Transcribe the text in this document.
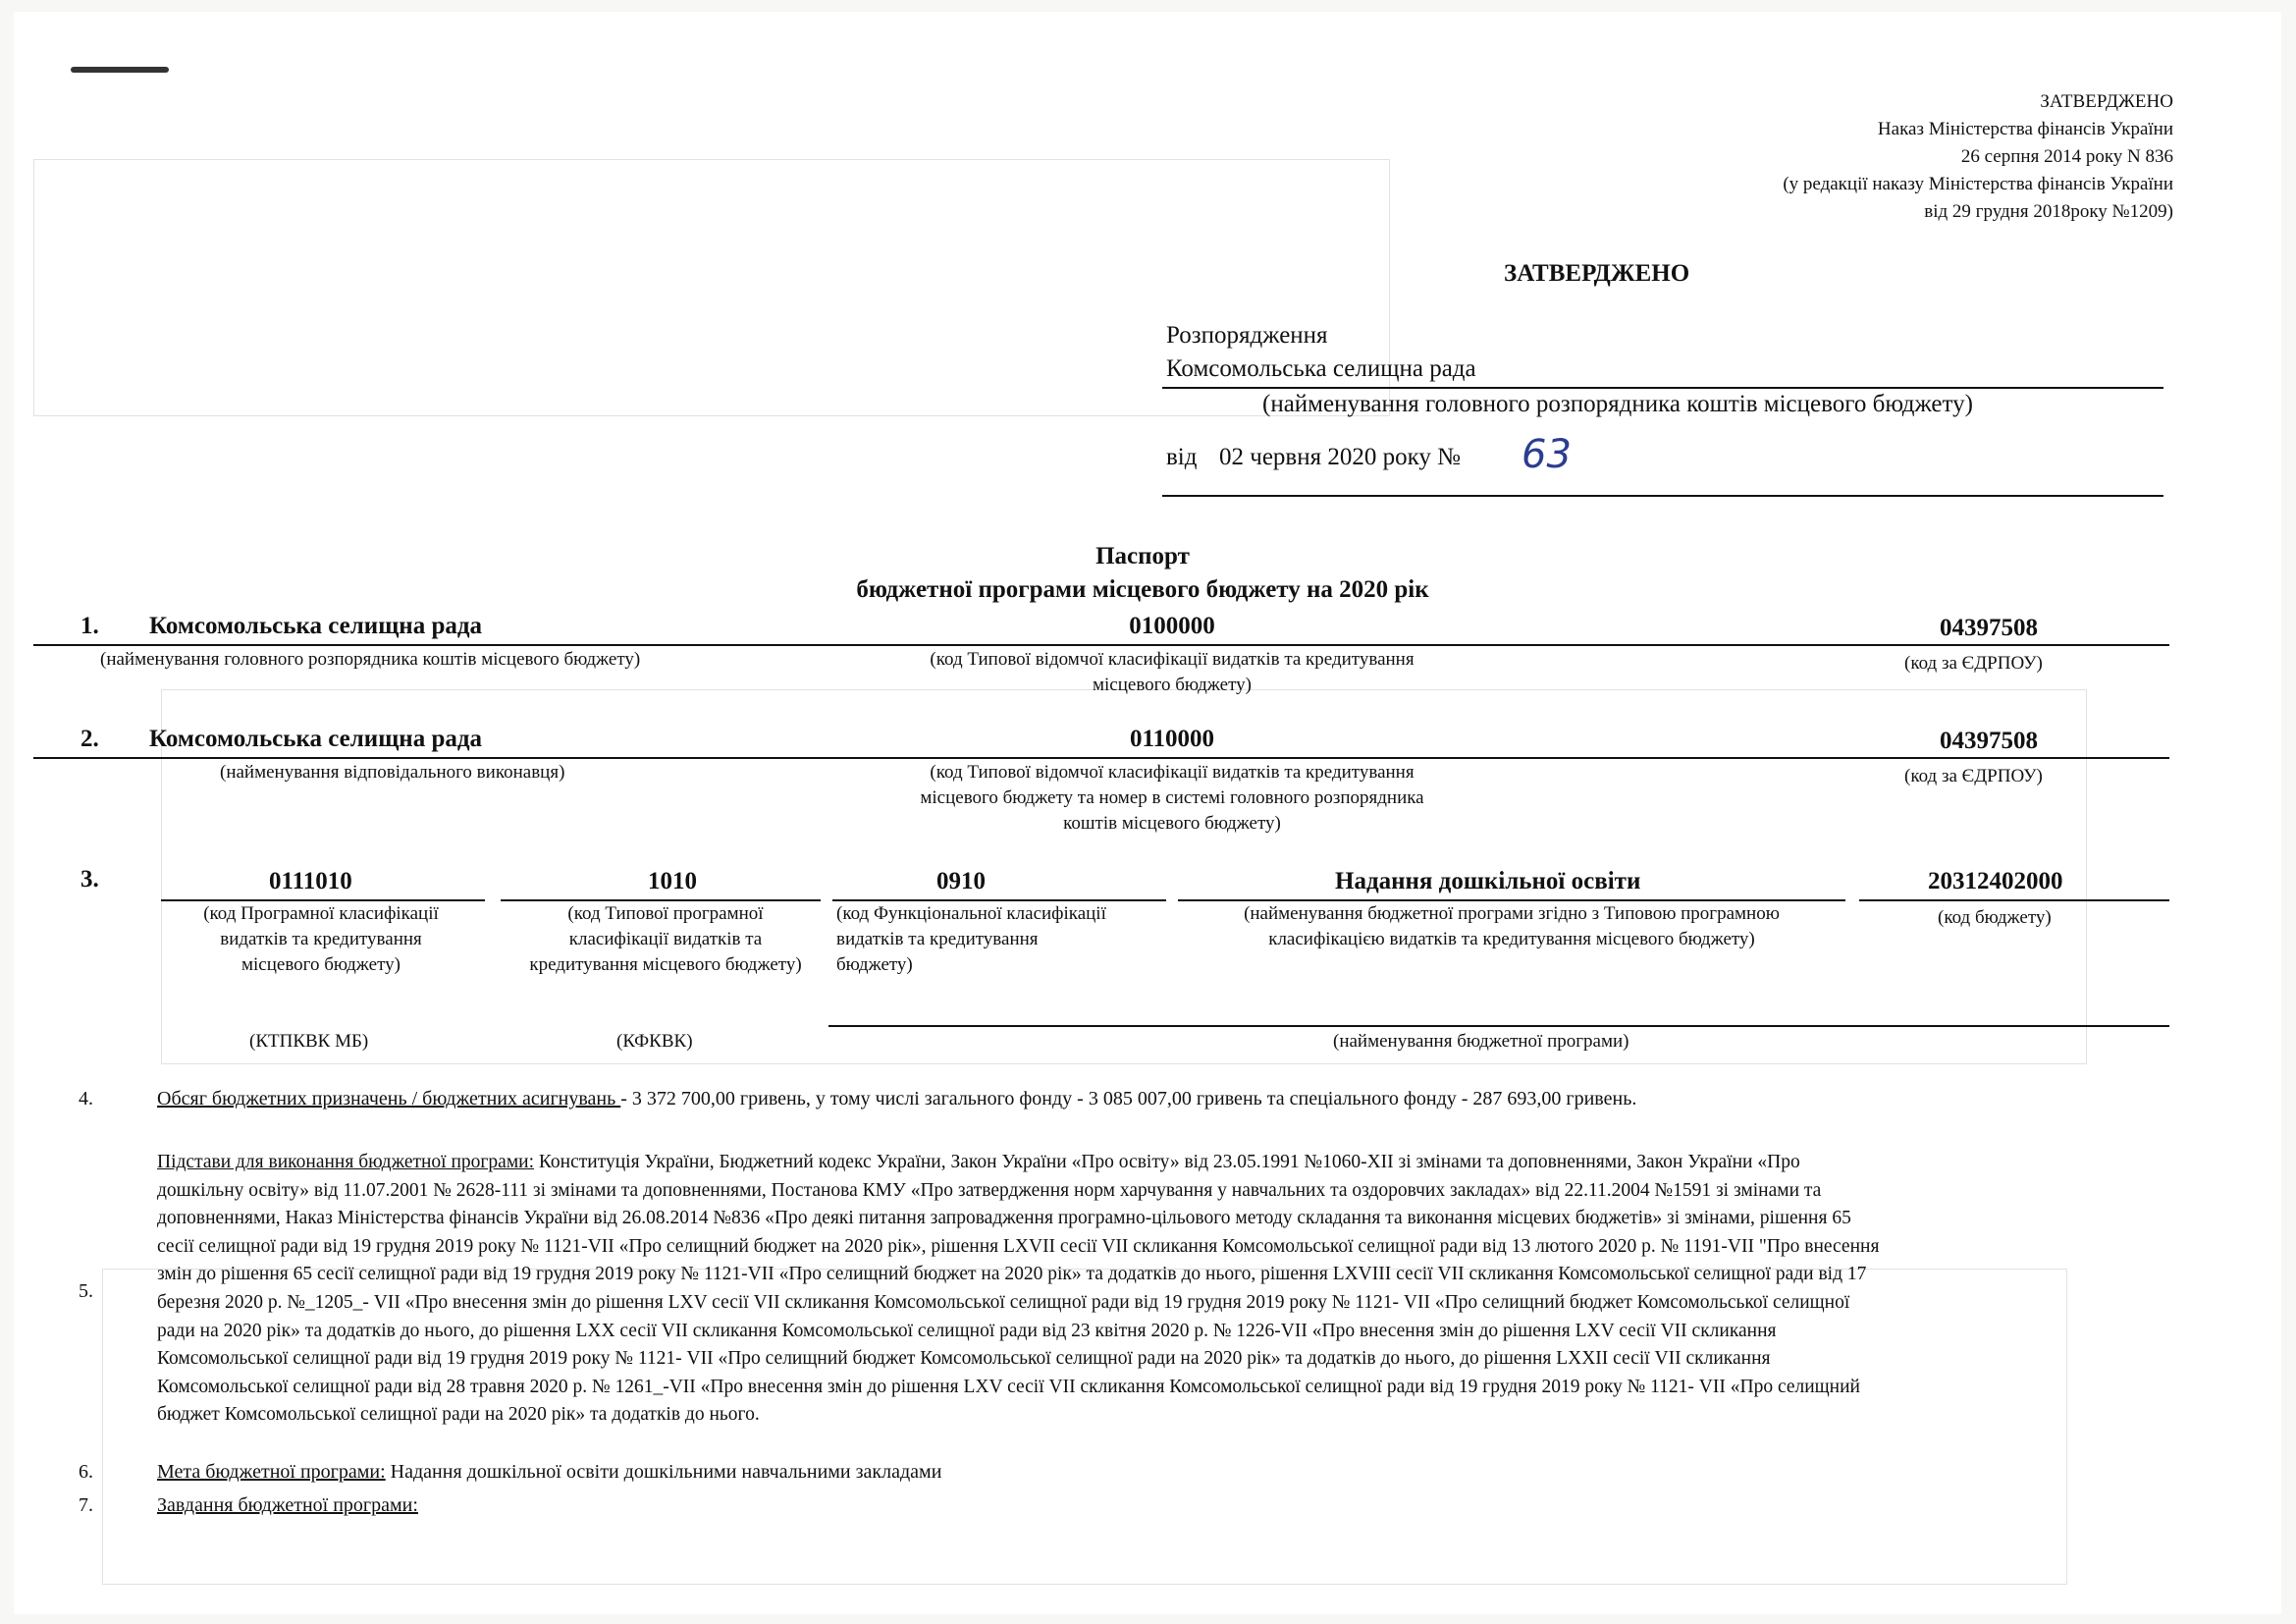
ЗАТВЕРДЖЕНО
Наказ Міністерства фінансів України
26 серпня 2014 року N 836
(у редакції наказу Міністерства фінансів України
від 29 грудня 2018року №1209)
ЗАТВЕРДЖЕНО
Розпорядження
Комсомольська селищна рада
(найменування головного розпорядника коштів місцевого бюджету)
від 02 червня 2020 року № 63
Паспорт
бюджетної програми місцевого бюджету на 2020 рік
1. Комсомольська селищна рада	0100000	04397508
(найменування головного розпорядника коштів місцевого бюджету)	(код Типової відомчої класифікації видатків та кредитування
місцевого бюджету)
(код за ЄДРПОУ)
2. Комсомольська селищна рада	0110000	04397508
(найменування відповідального виконавця)	(код Типової відомчої класифікації видатків та кредитування
місцевого бюджету та номер в системі головного розпорядника
коштів місцевого бюджету)
(код за ЄДРПОУ)
3.	0111010	1010	0910	Надання дошкільної освіти	20312402000
(код Програмної класифікації
видатків та кредитування
місцевого бюджету)
(код Типової програмної
класифікації видатків та
кредитування місцевого бюджету)
(код Функціональної класифікації
видатків та кредитування
бюджету)
(найменування бюджетної програми згідно з Типовою програмною
класифікацією видатків та кредитування місцевого бюджету)
(код бюджету)
(КТПКВК МБ)	(КФКВК)	(найменування бюджетної програми)
4.	Обсяг бюджетних призначень / бюджетних асигнувань - 3 372 700,00 гривень, у тому числі загального фонду - 3 085 007,00 гривень та спеціального фонду - 287 693,00 гривень.
5.
Підстави для виконання бюджетної програми: Конституція України, Бюджетний кодекс України, Закон України «Про освіту» від 23.05.1991 №1060-ХІІ зі змінами та доповненнями, Закон України «Про
дошкільну освіту» від 11.07.2001 № 2628-111 зі змінами та доповненнями, Постанова КМУ «Про затвердження норм харчування у навчальних та оздоровчих закладах» від 22.11.2004 №1591 зі змінами та
доповненнями, Наказ Міністерства фінансів України від 26.08.2014 №836 «Про деякі питання запровадження програмно-цільового методу складання та виконання місцевих бюджетів» зі змінами, рішення 65
сесії селищної ради від 19 грудня 2019 року № 1121-VІІ «Про селищний бюджет на 2020 рік», рішення LXVII сесії VII скликання Комсомольської селищної ради від 13 лютого 2020 р. № 1191-VII "Про внесення
змін до рішення 65 сесії селищної ради від 19 грудня 2019 року № 1121-VІІ «Про селищний бюджет на 2020 рік» та додатків до нього, рішення LXVIII сесії VII скликання Комсомольської селищної ради від 17
березня 2020 р. №_1205_- VII «Про внесення змін до рішення LXV сесії VII скликання Комсомольської селищної ради від 19 грудня 2019 року № 1121- VII «Про селищний бюджет Комсомольської селищної
ради на 2020 рік» та додатків до нього, до рішення LXX сесії VII скликання Комсомольської селищної ради від 23 квітня 2020 р. № 1226-VII «Про внесення змін до рішення LXV сесії VII скликання
Комсомольської селищної ради від 19 грудня 2019 року № 1121- VII «Про селищний бюджет Комсомольської селищної ради на 2020 рік» та додатків до нього, до рішення LXXII сесії VII скликання
Комсомольської селищної ради від 28 травня 2020 р. № 1261_-VII «Про внесення змін до рішення LXV сесії VII скликання Комсомольської селищної ради від 19 грудня 2019 року № 1121- VII «Про селищний
бюджет Комсомольської селищної ради на 2020 рік» та додатків до нього.
6.	Мета бюджетної програми: Надання дошкільної освіти дошкільними навчальними закладами
7.	Завдання бюджетної програми:
